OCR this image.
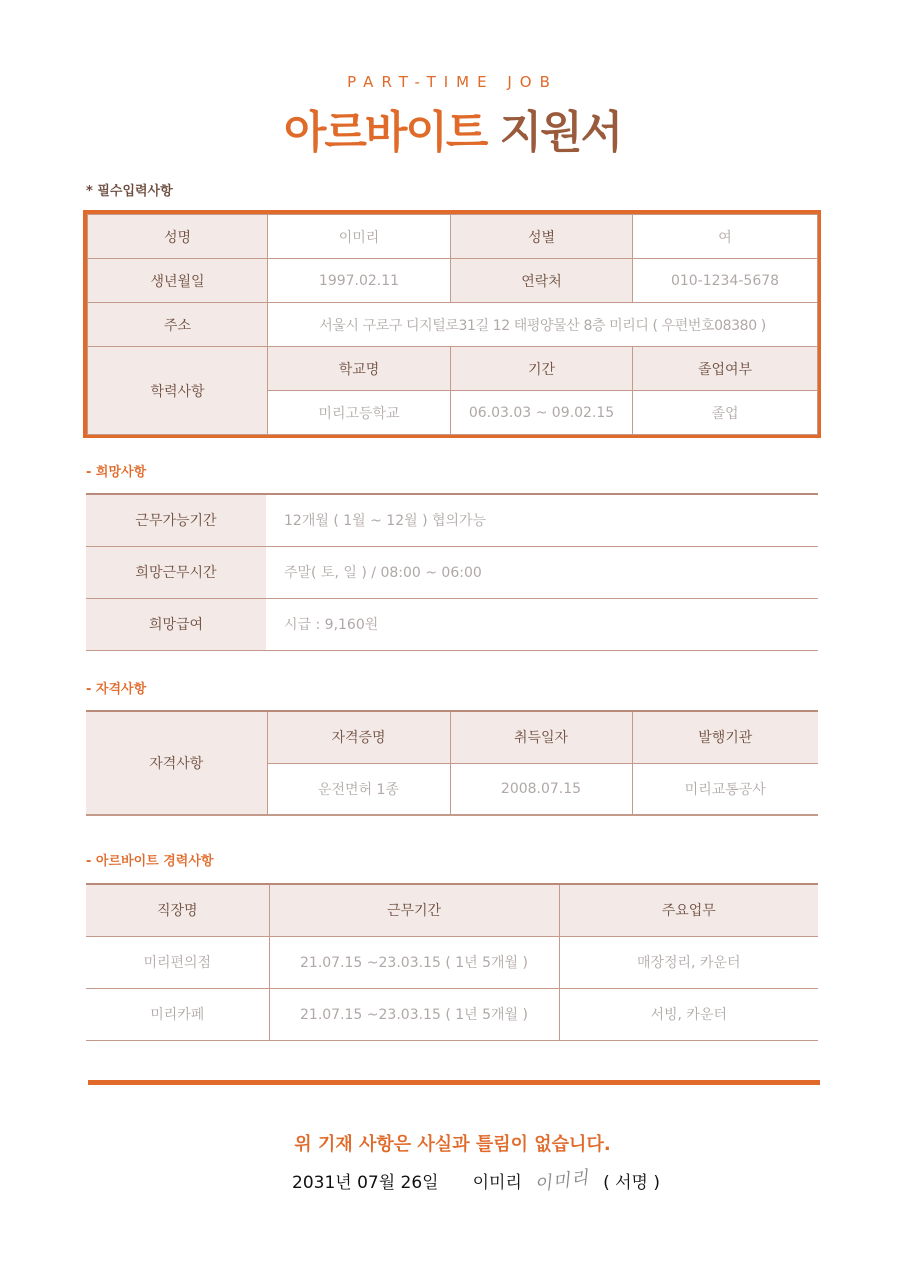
PART-TIME JOB
아르바이트 지원서
* 필수입력사항
성명	이미리	성별	여
생년월일	1997.02.11	연락처	010-1234-5678
주소	서울시 구로구 디지털로31길 12 태평양물산 8층 미리디 ( 우편번호08380 )		
학력사항	학교명	기간	졸업여부
	미리고등학교	06.03.03 ~ 09.02.15	졸업
- 희망사항
근무가능기간	12개월 ( 1월 ~ 12월 ) 협의가능
희망근무시간	주말( 토, 일 ) / 08:00 ~ 06:00
희망급여	시급 : 9,160원
- 자격사항
자격사항	자격증명	취득일자	발행기관
	운전면허 1종	2008.07.15	미리교통공사
- 아르바이트 경력사항
직장명	근무기간	주요업무
미리편의점	21.07.15 ~23.03.15 ( 1년 5개월 )	매장정리, 카운터
미리카페	21.07.15 ~23.03.15 ( 1년 5개월 )	서빙, 카운터
위 기재 사항은 사실과 틀림이 없습니다.
2031년 07월 26일 이미리 이미리 ( 서명 )
